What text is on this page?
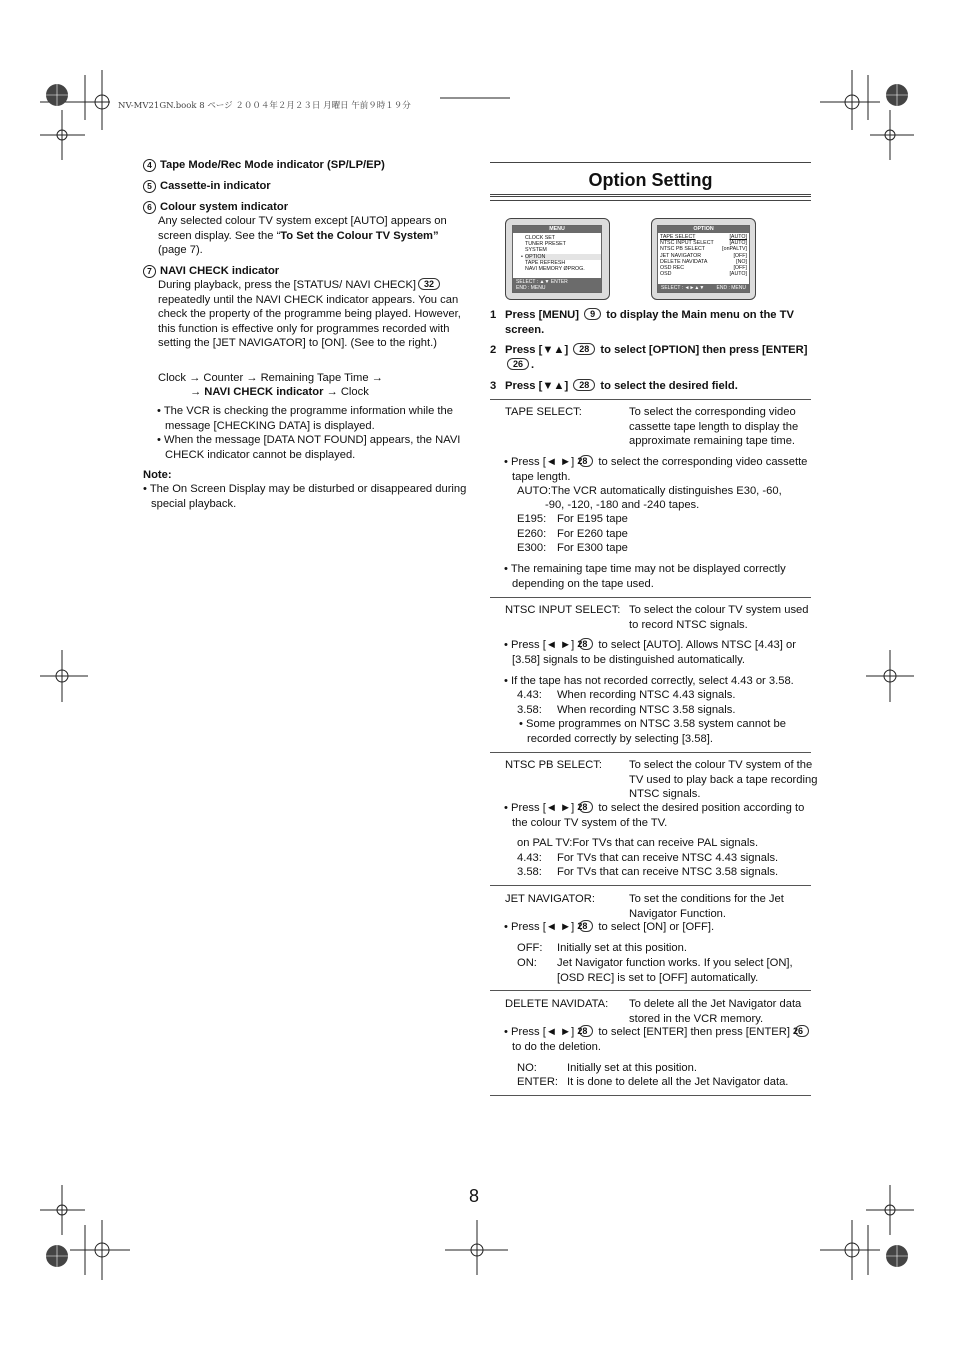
NV-MV21GN.book 8 ページ ２００４年２月２３日 月曜日 午前９時１９分
4 Tape Mode/Rec Mode indicator (SP/LP/EP)
5 Cassette-in indicator
6 Colour system indicator
Any selected colour TV system except [AUTO] appears on screen display. See the “To Set the Colour TV System” (page 7).
7 NAVI CHECK indicator
During playback, press the [STATUS/ NAVI CHECK] 32 repeatedly until the NAVI CHECK indicator appears. You can check the property of the programme being played. However, this function is effective only for programmes recorded with setting the [JET NAVIGATOR] to [ON]. (See to the right.)
Clock → Counter → Remaining Tape Time →
→ NAVI CHECK indicator → Clock
• The VCR is checking the programme information while the message [CHECKING DATA] is displayed.
• When the message [DATA NOT FOUND] appears, the NAVI CHECK indicator cannot be displayed.
Note:
• The On Screen Display may be disturbed or disappeared during special playback.
Option Setting
MENU
CLOCK SET
TUNER PRESET
SYSTEM
• OPTION
TAPE REFRESH
NAVI MEMORY ØPROG.
SELECT : ▲▼ ENTER
END : MENU
OPTION
TAPE SELECT	[AUTO]
NTSC INPUT SELECT	[AUTO]
NTSC PB SELECT	[onPALTV]
JET NAVIGATOR	[OFF]
DELETE NAVIDATA	[NO]
OSD REC	[OFF]
OSD	[AUTO]
SELECT : ◄►▲▼ END : MENU
1 Press [MENU] 9 to display the Main menu on the TV screen.
2 Press [▼▲] 28 to select [OPTION] then press [ENTER] 26 .
3 Press [▼▲] 28 to select the desired field.
TAPE SELECT:	To select the corresponding video cassette tape length to display the approximate remaining tape time.
• Press [◄ ►] 28 to select the corresponding video cassette tape length.
AUTO:The VCR automatically distinguishes E30, -60,
-90, -120, -180 and -240 tapes.
E195: For E195 tape
E260: For E260 tape
E300: For E300 tape
• The remaining tape time may not be displayed correctly depending on the tape used.
NTSC INPUT SELECT: To select the colour TV system used to record NTSC signals.
• Press [◄ ►] 28 to select [AUTO]. Allows NTSC [4.43] or [3.58] signals to be distinguished automatically.
• If the tape has not recorded correctly, select 4.43 or 3.58.
4.43: When recording NTSC 4.43 signals.
3.58: When recording NTSC 3.58 signals.
• Some programmes on NTSC 3.58 system cannot be recorded correctly by selecting [3.58].
NTSC PB SELECT: To select the colour TV system of the TV used to play back a tape recording NTSC signals.
• Press [◄ ►] 28 to select the desired position according to the colour TV system of the TV.
on PAL TV:For TVs that can receive PAL signals.
4.43: For TVs that can receive NTSC 4.43 signals.
3.58: For TVs that can receive NTSC 3.58 signals.
JET NAVIGATOR:	To set the conditions for the Jet Navigator Function.
• Press [◄ ►] 28 to select [ON] or [OFF].
OFF: Initially set at this position.
ON: Jet Navigator function works. If you select [ON], [OSD REC] is set to [OFF] automatically.
DELETE NAVIDATA: To delete all the Jet Navigator data stored in the VCR memory.
• Press [◄ ►] 28 to select [ENTER] then press [ENTER] 26 to do the deletion.
NO:	Initially set at this position.
ENTER: It is done to delete all the Jet Navigator data.
8
